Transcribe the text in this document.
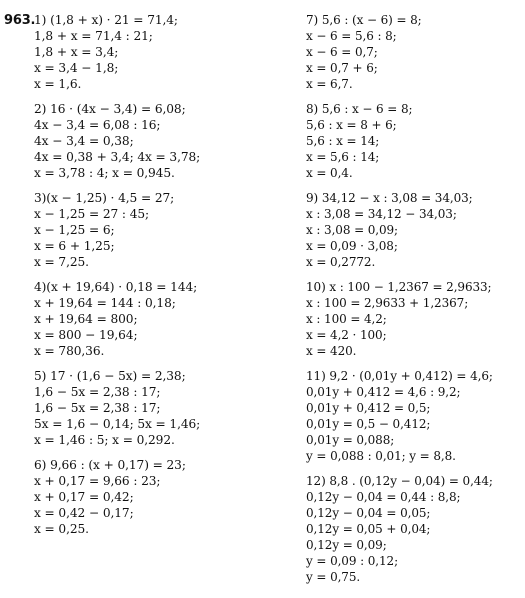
963.
1) (1,8 + x) · 21 = 71,4;
1,8 + x = 71,4 : 21;
1,8 + x = 3,4;
x = 3,4 − 1,8;
x = 1,6.
2) 16 · (4x − 3,4) = 6,08;
4x − 3,4 = 6,08 : 16;
4x − 3,4 = 0,38;
4x = 0,38 + 3,4; 4x = 3,78;
x = 3,78 : 4; x = 0,945.
3)(x − 1,25) · 4,5 = 27;
x − 1,25 = 27 : 45;
x − 1,25 = 6;
x = 6 + 1,25;
x = 7,25.
4)(x + 19,64) · 0,18 = 144;
x + 19,64 = 144 : 0,18;
x + 19,64 = 800;
x = 800 − 19,64;
x = 780,36.
5) 17 · (1,6 − 5x) = 2,38;
1,6 − 5x = 2,38 : 17;
1,6 − 5x = 2,38 : 17;
5x = 1,6 − 0,14; 5x = 1,46;
x = 1,46 : 5; x = 0,292.
6) 9,66 : (x + 0,17) = 23;
x + 0,17 = 9,66 : 23;
x + 0,17 = 0,42;
x = 0,42 − 0,17;
x = 0,25.
7) 5,6 : (x − 6) = 8;
x − 6 = 5,6 : 8;
x − 6 = 0,7;
x = 0,7 + 6;
x = 6,7.
8) 5,6 : x − 6 = 8;
5,6 : x = 8 + 6;
5,6 : x = 14;
x = 5,6 : 14;
x = 0,4.
9) 34,12 − x : 3,08 = 34,03;
x : 3,08 = 34,12 − 34,03;
x : 3,08 = 0,09;
x = 0,09 · 3,08;
x = 0,2772.
10) x : 100 − 1,2367 = 2,9633;
x : 100 = 2,9633 + 1,2367;
x : 100 = 4,2;
x = 4,2 · 100;
x = 420.
11) 9,2 · (0,01y + 0,412) = 4,6;
0,01y + 0,412 = 4,6 : 9,2;
0,01y + 0,412 = 0,5;
0,01y = 0,5 − 0,412;
0,01y = 0,088;
y = 0,088 : 0,01; y = 8,8.
12) 8,8 . (0,12y − 0,04) = 0,44;
0,12y − 0,04 = 0,44 : 8,8;
0,12y − 0,04 = 0,05;
0,12y = 0,05 + 0,04;
0,12y = 0,09;
y = 0,09 : 0,12;
y = 0,75.
